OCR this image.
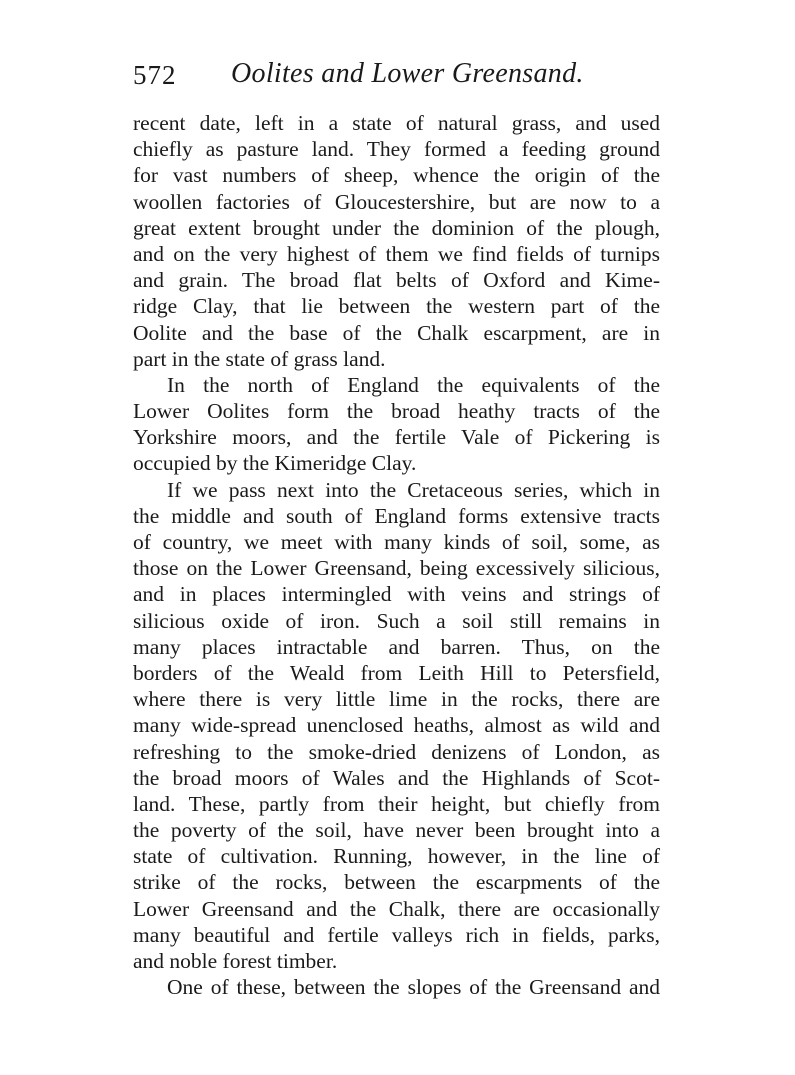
572 Oolites and Lower Greensand.
recent date, left in a state of natural grass, and used
chiefly as pasture land. They formed a feeding ground
for vast numbers of sheep, whence the origin of the
woollen factories of Gloucestershire, but are now to a
great extent brought under the dominion of the plough,
and on the very highest of them we find fields of turnips
and grain. The broad flat belts of Oxford and Kime-
ridge Clay, that lie between the western part of the
Oolite and the base of the Chalk escarpment, are in
part in the state of grass land.
In the north of England the equivalents of the
Lower Oolites form the broad heathy tracts of the
Yorkshire moors, and the fertile Vale of Pickering is
occupied by the Kimeridge Clay.
If we pass next into the Cretaceous series, which in
the middle and south of England forms extensive tracts
of country, we meet with many kinds of soil, some, as
those on the Lower Greensand, being excessively silicious,
and in places intermingled with veins and strings of
silicious oxide of iron. Such a soil still remains in
many places intractable and barren. Thus, on the
borders of the Weald from Leith Hill to Petersfield,
where there is very little lime in the rocks, there are
many wide-spread unenclosed heaths, almost as wild and
refreshing to the smoke-dried denizens of London, as
the broad moors of Wales and the Highlands of Scot-
land. These, partly from their height, but chiefly from
the poverty of the soil, have never been brought into a
state of cultivation. Running, however, in the line of
strike of the rocks, between the escarpments of the
Lower Greensand and the Chalk, there are occasionally
many beautiful and fertile valleys rich in fields, parks,
and noble forest timber.
One of these, between the slopes of the Greensand and
